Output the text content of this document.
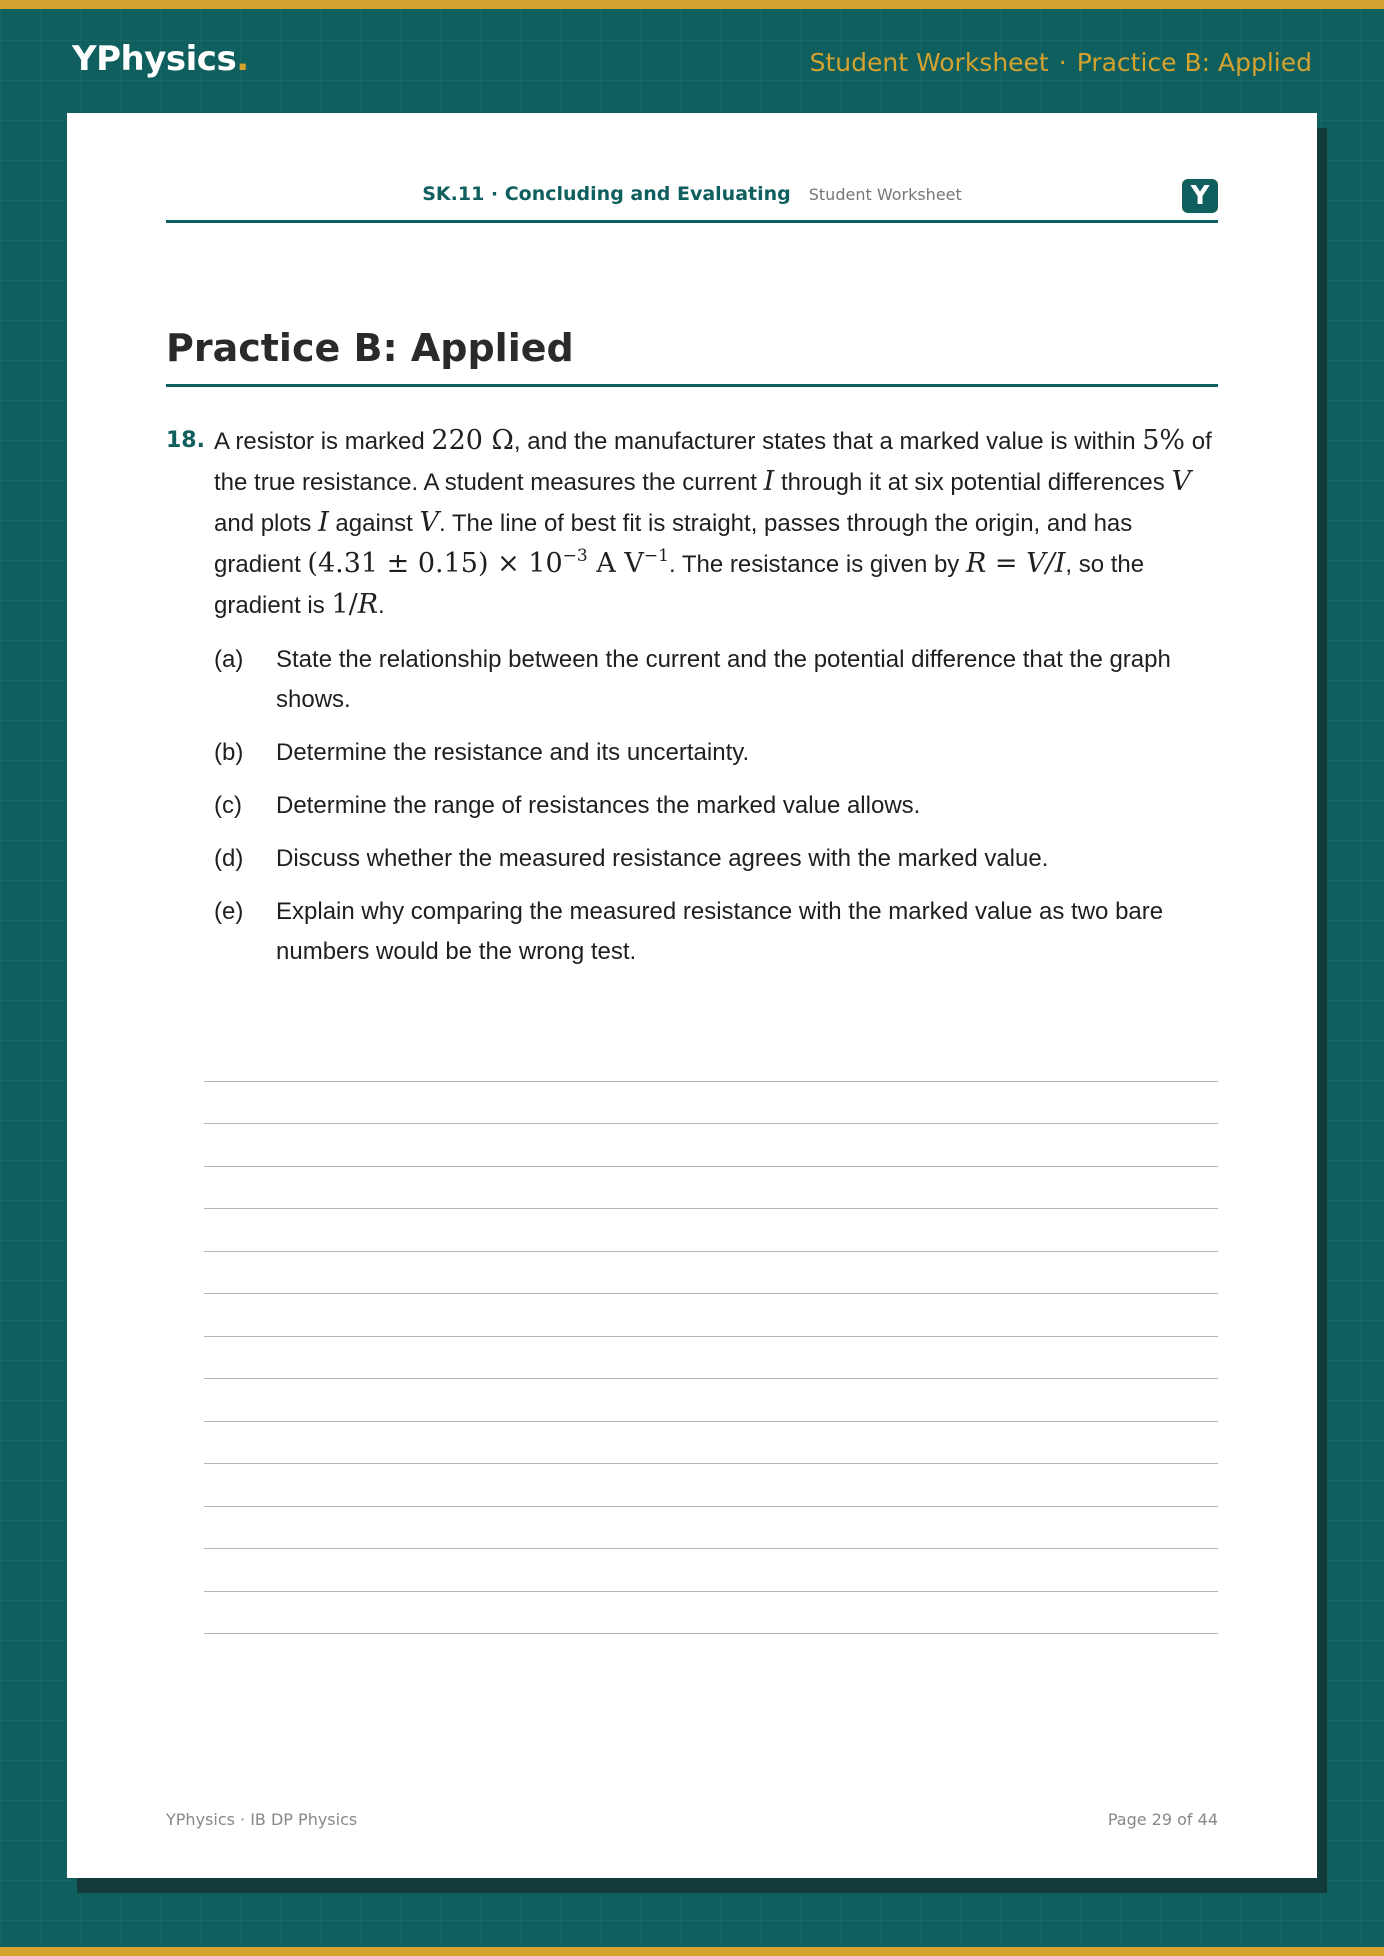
YPhysics.	Student Worksheet · Practice B: Applied
SK.11 · Concluding and Evaluating Student Worksheet	Y
Practice B: Applied
18. A resistor is marked 220 Ω, and the manufacturer states that a marked value is within 5% of the true resistance. A student measures the current I through it at six potential differences V and plots I against V. The line of best fit is straight, passes through the origin, and has gradient $(4.31 \pm 0.15) \times 10^{-3}$ A $V^{-1}$. The resistance is given by R = V/I, so the gradient is 1/R.

(a)	State the relationship between the current and the potential difference that the graph shows.
(b)	Determine the resistance and its uncertainty.
(c)	Determine the range of resistances the marked value allows.
(d)	Discuss whether the measured resistance agrees with the marked value.
(e)	Explain why comparing the measured resistance with the marked value as two bare numbers would be the wrong test.
YPhysics · IB DP Physics	Page 29 of 44
